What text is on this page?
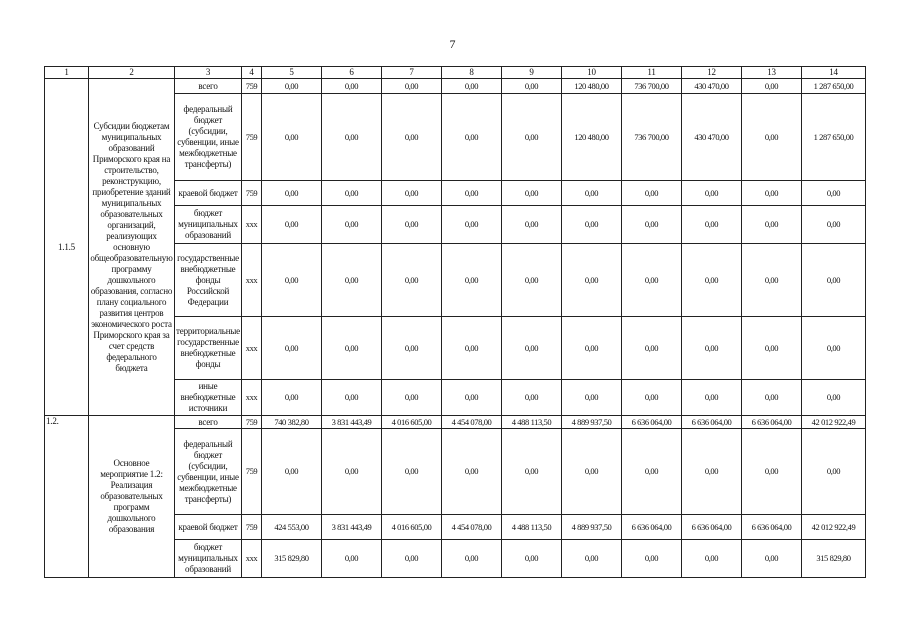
7
1	2	3	4	5	6	7	8	9	10	11	12	13	14
1.1.5	Субсидии бюджетам муниципальных образований Приморского края на строительство, реконструкцию, приобретение зданий муниципальных образовательных организаций, реализующих основную общеобразовательную программу дошкольного образования, согласно плану социального развития центров экономического роста Приморского края за счет средств федерального бюджета	всего	759	0,00	0,00	0,00	0,00	0,00	120 480,00	736 700,00	430 470,00	0,00	1 287 650,00
		федеральный бюджет (субсидии, субвенции, иные межбюджетные трансферты)	759	0,00	0,00	0,00	0,00	0,00	120 480,00	736 700,00	430 470,00	0,00	1 287 650,00
		краевой бюджет	759	0,00	0,00	0,00	0,00	0,00	0,00	0,00	0,00	0,00	0,00
		бюджет муниципальных образований	ххх	0,00	0,00	0,00	0,00	0,00	0,00	0,00	0,00	0,00	0,00
		государственные внебюджетные фонды Российской Федерации	ххх	0,00	0,00	0,00	0,00	0,00	0,00	0,00	0,00	0,00	0,00
		территориальные государственные внебюджетные фонды	ххх	0,00	0,00	0,00	0,00	0,00	0,00	0,00	0,00	0,00	0,00
		иные внебюджетные источники	ххх	0,00	0,00	0,00	0,00	0,00	0,00	0,00	0,00	0,00	0,00
1.2.	Основное мероприятие 1.2: Реализация образовательных программ дошкольного образования	всего	759	740 382,80	3 831 443,49	4 016 605,00	4 454 078,00	4 488 113,50	4 889 937,50	6 636 064,00	6 636 064,00	6 636 064,00	42 012 922,49
		федеральный бюджет (субсидии, субвенции, иные межбюджетные трансферты)	759	0,00	0,00	0,00	0,00	0,00	0,00	0,00	0,00	0,00	0,00
		краевой бюджет	759	424 553,00	3 831 443,49	4 016 605,00	4 454 078,00	4 488 113,50	4 889 937,50	6 636 064,00	6 636 064,00	6 636 064,00	42 012 922,49
		бюджет муниципальных образований	ххх	315 829,80	0,00	0,00	0,00	0,00	0,00	0,00	0,00	0,00	315 829,80
